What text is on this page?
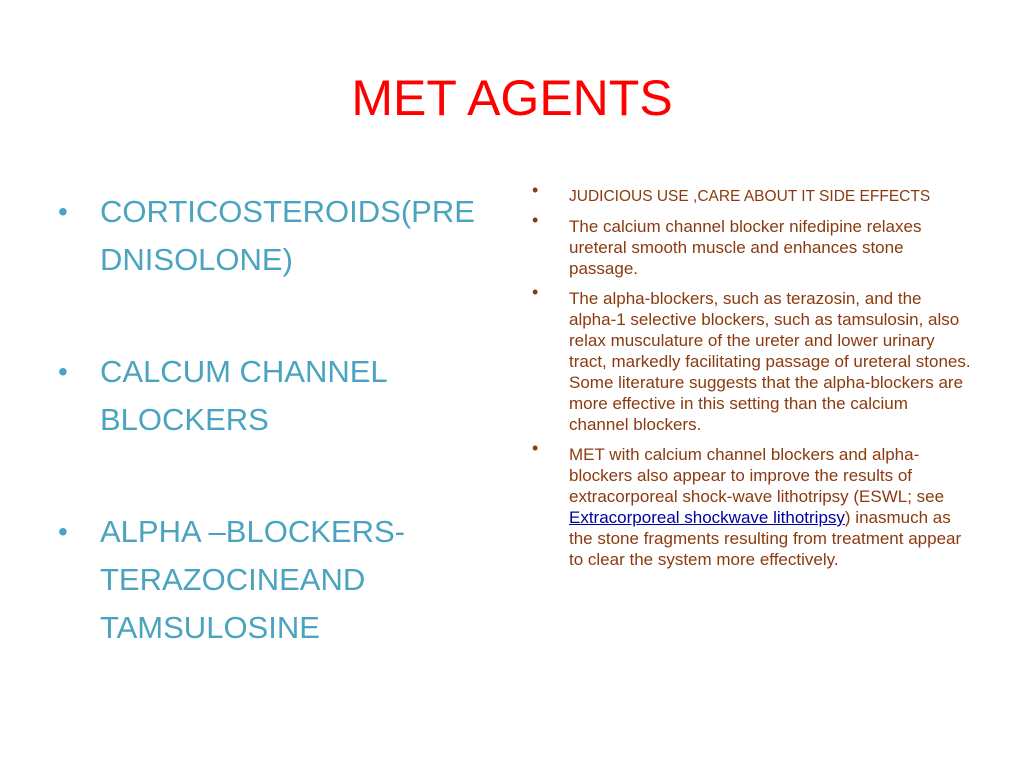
MET AGENTS
• CORTICOSTEROIDS(PRE
DNISOLONE)
• CALCUM CHANNEL
BLOCKERS
• ALPHA –BLOCKERS-
TERAZOCINEAND
TAMSULOSINE
• JUDICIOUS USE ,CARE ABOUT IT SIDE EFFECTS
• The calcium channel blocker nifedipine relaxes ureteral smooth muscle and enhances stone passage.
• The alpha-blockers, such as terazosin, and the alpha-1 selective blockers, such as tamsulosin, also relax musculature of the ureter and lower urinary tract, markedly facilitating passage of ureteral stones. Some literature suggests that the alpha-blockers are more effective in this setting than the calcium channel blockers.
• MET with calcium channel blockers and alpha-blockers also appear to improve the results of extracorporeal shock-wave lithotripsy (ESWL; see Extracorporeal shockwave lithotripsy) inasmuch as the stone fragments resulting from treatment appear to clear the system more effectively.
